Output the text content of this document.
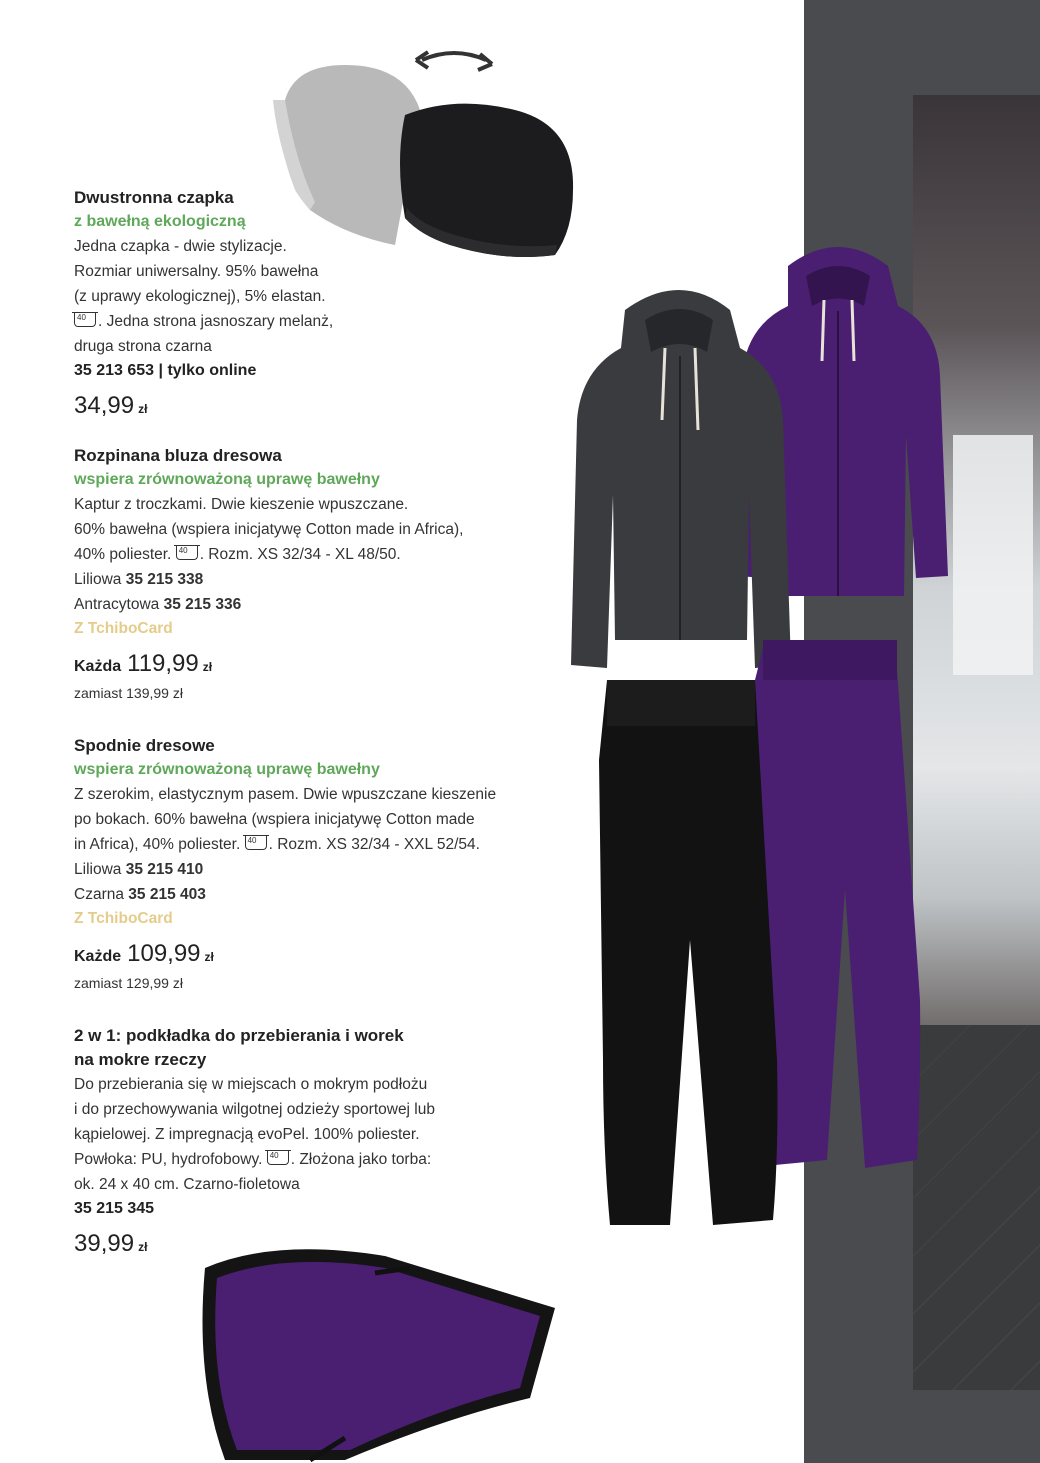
Dwustronna czapka
z bawełną ekologiczną
Jedna czapka - dwie stylizacje.
Rozmiar uniwersalny. 95% bawełna
(z uprawy ekologicznej), 5% elastan.
40. Jedna strona jasnoszary melanż,
druga strona czarna
35 213 653 | tylko online
34,99 zł
Rozpinana bluza dresowa
wspiera zrównoważoną uprawę bawełny
Kaptur z troczkami. Dwie kieszenie wpuszczane.
60% bawełna (wspiera inicjatywę Cotton made in Africa),
40% poliester. 40 . Rozm. XS 32/34 - XL 48/50.
Liliowa 35 215 338
Antracytowa 35 215 336
Z TchiboCard
Każda 119,99 zł
zamiast 139,99 zł
Spodnie dresowe
wspiera zrównoważoną uprawę bawełny
Z szerokim, elastycznym pasem. Dwie wpuszczane kieszenie
po bokach. 60% bawełna (wspiera inicjatywę Cotton made
in Africa), 40% poliester. 40 . Rozm. XS 32/34 - XXL 52/54.
Liliowa 35 215 410
Czarna 35 215 403
Z TchiboCard
Każde 109,99 zł
zamiast 129,99 zł
2 w 1: podkładka do przebierania i worek
na mokre rzeczy
Do przebierania się w miejscach o mokrym podłożu
i do przechowywania wilgotnej odzieży sportowej lub
kąpielowej. Z impregnacją evoPel. 100% poliester.
Powłoka: PU, hydrofobowy. 40 . Złożona jako torba:
ok. 24 x 40 cm. Czarno-fioletowa
35 215 345
39,99 zł
